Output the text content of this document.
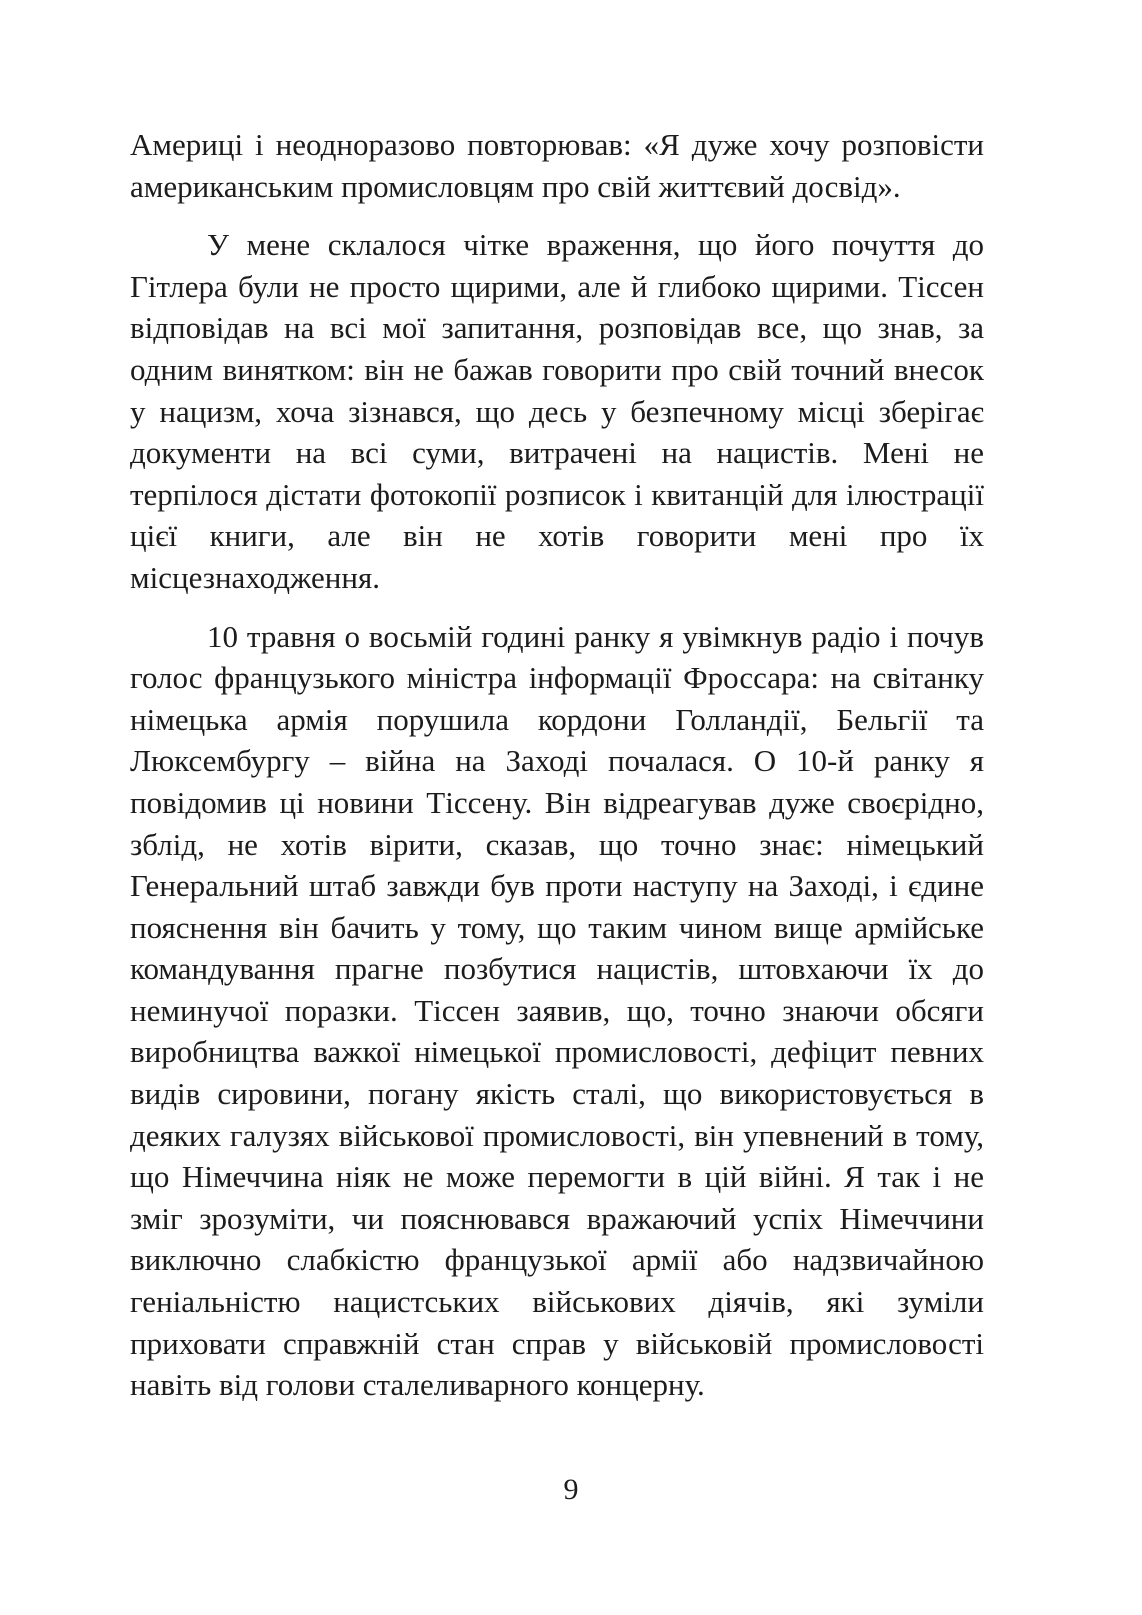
Америці і неодноразово повторював: «Я дуже хочу розповісти американським промисловцям про свій життєвий досвід».

У мене склалося чітке враження, що його почуття до Гітлера були не просто щирими, але й глибоко щирими. Тіссен відповідав на всі мої запитання, розповідав все, що знав, за одним винятком: він не бажав говорити про свій точний внесок у нацизм, хоча зізнався, що десь у безпечному місці зберігає документи на всі суми, витрачені на нацистів. Мені не терпілося дістати фотокопії розписок і квитанцій для ілюстрації цієї книги, але він не хотів говорити мені про їх місцезнаходження.

10 травня о восьмій годині ранку я увімкнув радіо і почув голос французького міністра інформації Фроссара: на світанку німецька армія порушила кордони Голландії, Бельгії та Люксембургу – війна на Заході почалася. О 10-й ранку я повідомив ці новини Тіссену. Він відреагував дуже своєрідно, зблід, не хотів вірити, сказав, що точно знає: німецький Генеральний штаб завжди був проти наступу на Заході, і єдине пояснення він бачить у тому, що таким чином вище армійське командування прагне позбутися нацистів, штовхаючи їх до неминучої поразки. Тіссен заявив, що, точно знаючи обсяги виробництва важкої німецької промисловості, дефіцит певних видів сировини, погану якість сталі, що використовується в деяких галузях військової промисловості, він упевнений в тому, що Німеччина ніяк не може перемогти в цій війні. Я так і не зміг зрозуміти, чи пояснювався вражаючий успіх Німеччини виключно слабкістю французької армії або надзвичайною геніальністю нацистських військових діячів, які зуміли приховати справжній стан справ у військовій промисловості навіть від голови сталеливарного концерну.

9
